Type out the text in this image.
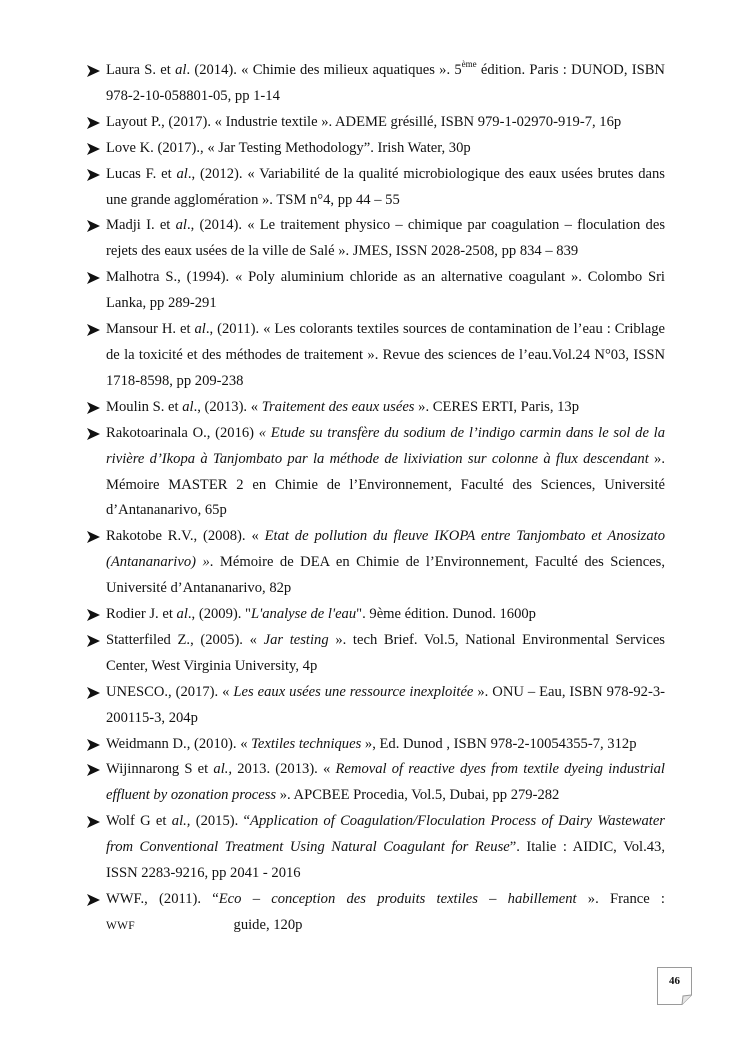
Laura S. et al. (2014). « Chimie des milieux aquatiques ». 5ème édition. Paris : DUNOD, ISBN 978-2-10-058801-05, pp 1-14
Layout P., (2017). « Industrie textile ». ADEME grésillé, ISBN 979-1-02970-919-7, 16p
Love K. (2017)., « Jar Testing Methodology”. Irish Water, 30p
Lucas F. et al., (2012). « Variabilité de la qualité microbiologique des eaux usées brutes dans une grande agglomération ». TSM n°4, pp 44 – 55
Madji I. et al., (2014). « Le traitement physico – chimique par coagulation – floculation des rejets des eaux usées de la ville de Salé ». JMES, ISSN 2028-2508, pp 834 – 839
Malhotra S., (1994). « Poly aluminium chloride as an alternative coagulant ». Colombo Sri Lanka, pp 289-291
Mansour H. et al., (2011). « Les colorants textiles sources de contamination de l’eau : Criblage de la toxicité et des méthodes de traitement ». Revue des sciences de l’eau.Vol.24 N°03, ISSN 1718-8598, pp 209-238
Moulin S. et al., (2013). « Traitement des eaux usées ». CERES ERTI, Paris, 13p
Rakotoarinala O., (2016) « Etude su transfère du sodium de l’indigo carmin dans le sol de la rivière d’Ikopa à Tanjombato par la méthode de lixiviation sur colonne à flux descendant ». Mémoire MASTER 2 en Chimie de l’Environnement, Faculté des Sciences, Université d’Antananarivo, 65p
Rakotobe R.V., (2008). « Etat de pollution du fleuve IKOPA entre Tanjombato et Anosizato (Antananarivo) ». Mémoire de DEA en Chimie de l’Environnement, Faculté des Sciences, Université d’Antananarivo, 82p
Rodier J. et al., (2009). "L'analyse de l'eau". 9ème édition. Dunod. 1600p
Statterfiled Z., (2005). « Jar testing ». tech Brief. Vol.5, National Environmental Services Center, West Virginia University, 4p
UNESCO., (2017). « Les eaux usées une ressource inexploitée ». ONU – Eau, ISBN 978-92-3-200115-3, 204p
Weidmann D., (2010). « Textiles techniques », Ed. Dunod , ISBN 978-2-10054355-7, 312p
Wijinnarong S et al., 2013. (2013). « Removal of reactive dyes from textile dyeing industrial effluent by ozonation process ». APCBEE Procedia, Vol.5, Dubai, pp 279-282
Wolf G et al., (2015). “Application of Coagulation/Floculation Process of Dairy Wastewater from Conventional Treatment Using Natural Coagulant for Reuse”. Italie : AIDIC, Vol.43, ISSN 2283-9216, pp 2041 - 2016
WWF., (2011). “Eco – conception des produits textiles – habillement ». France : WWF                           guide, 120p
46
